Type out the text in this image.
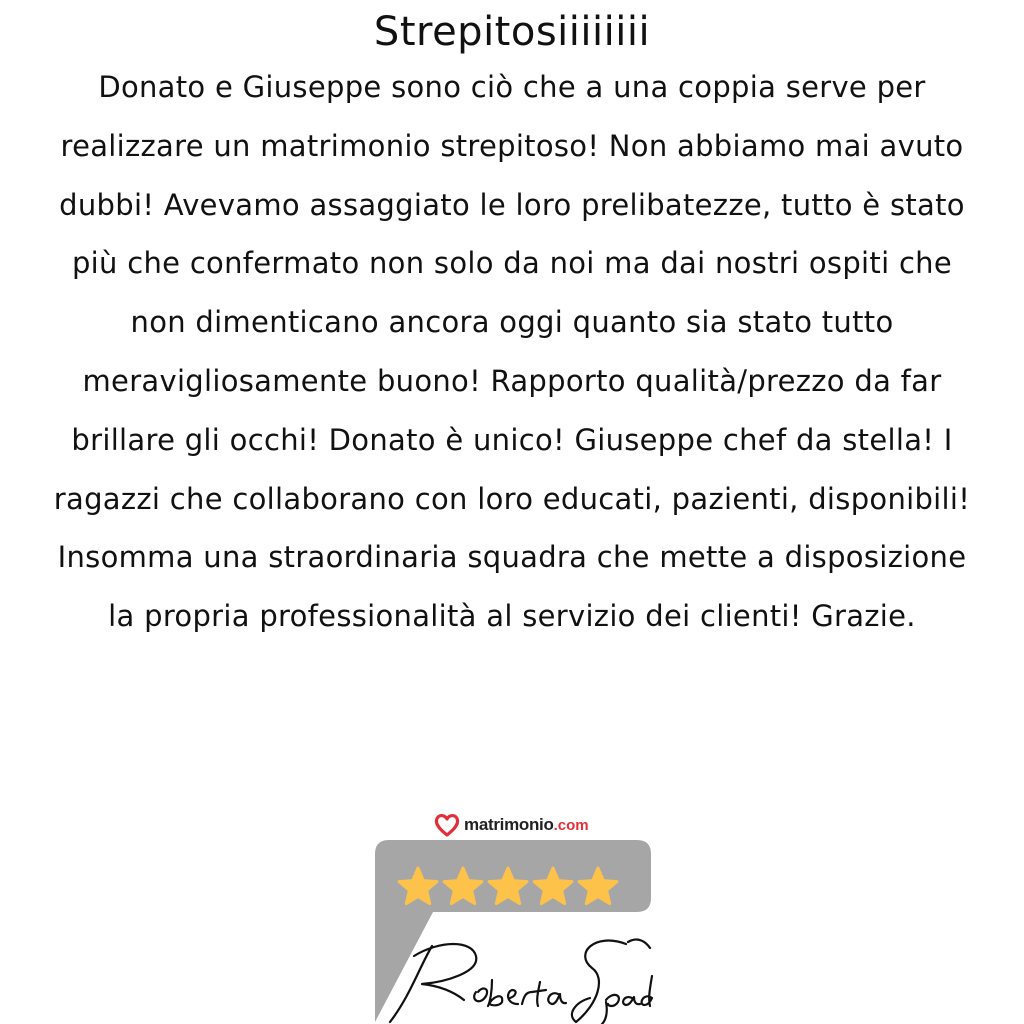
Strepitosiiiiiiii
Donato e Giuseppe sono ciò che a una coppia serve per realizzare un matrimonio strepitoso! Non abbiamo mai avuto dubbi! Avevamo assaggiato le loro prelibatezze, tutto è stato più che confermato non solo da noi ma dai nostri ospiti che non dimenticano ancora oggi quanto sia stato tutto meravigliosamente buono! Rapporto qualità/prezzo da far brillare gli occhi! Donato è unico! Giuseppe chef da stella! I ragazzi che collaborano con loro educati, pazienti, disponibili! Insomma una straordinaria squadra che mette a disposizione la propria professionalità al servizio dei clienti! Grazie.
matrimonio.com
